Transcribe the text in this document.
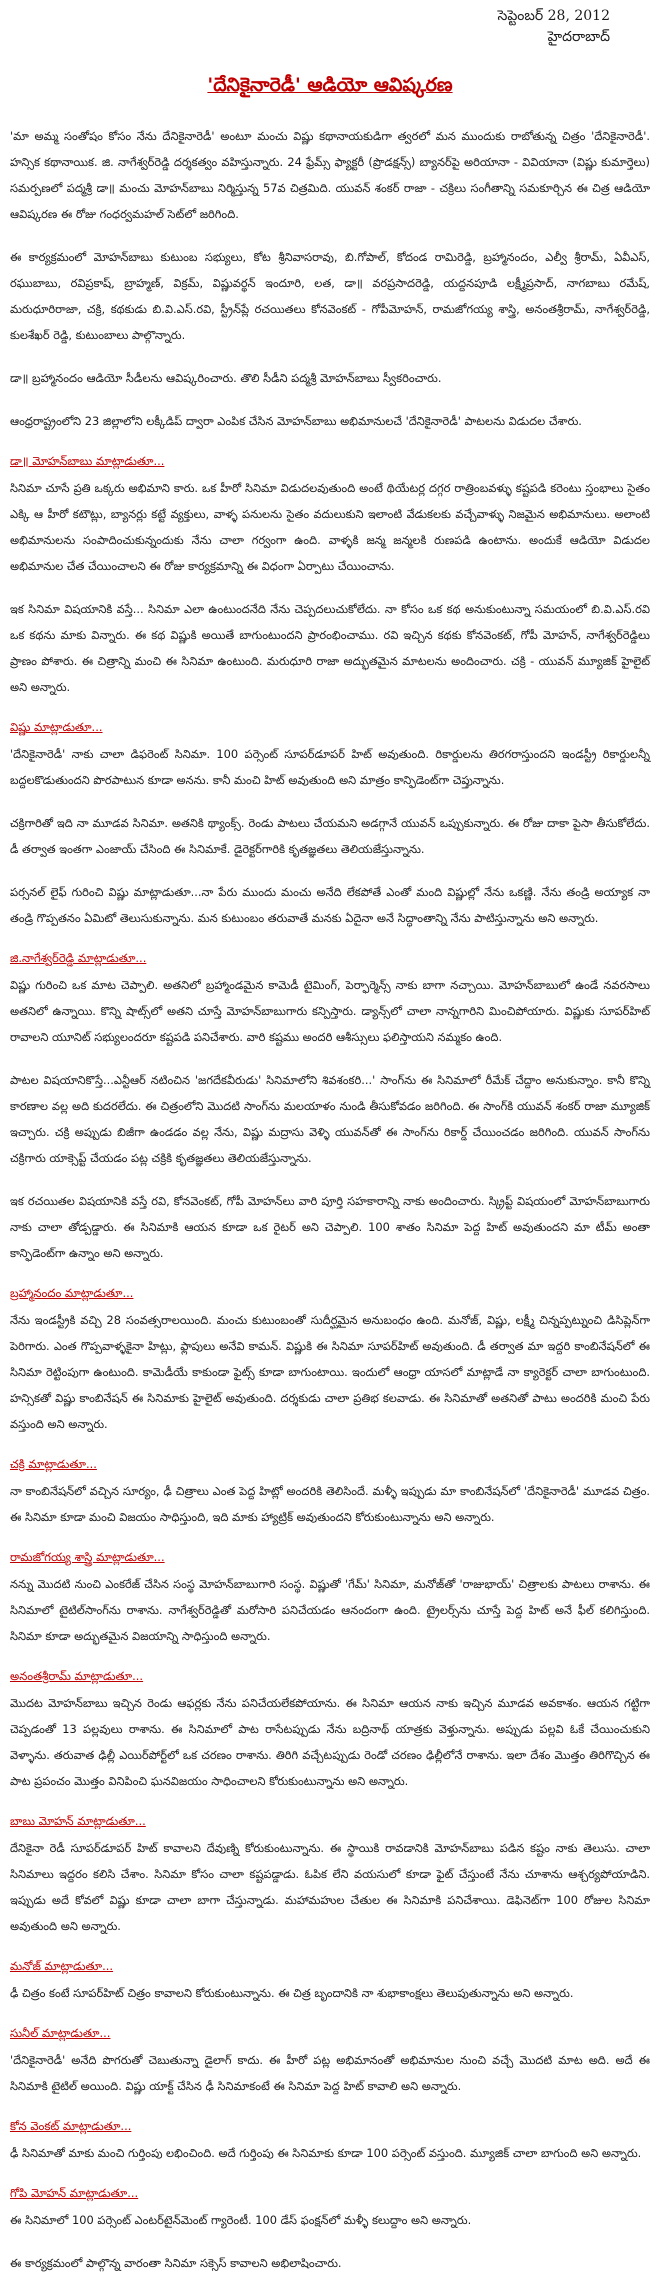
సెప్టెంబర్ 28, 2012
హైదరాబాద్
'దేనికైనారెడీ' ఆడియో ఆవిష్కరణ

'మా అమ్మ సంతోషం కోసం నేను దేనికైనారెడీ' అంటూ మంచు విష్ణు కథానాయకుడిగా త్వరలో మన ముందుకు రాబోతున్న చిత్రం 'దేనికైనారెడీ'. హన్సిక కథానాయిక. జి. నాగేశ్వర్‌రెడ్డి దర్శకత్వం వహిస్తున్నారు. 24 ఫ్రేమ్స్ ఫ్యాక్టరీ (ప్రొడక్షన్స్) బ్యానర్‌పై అరియానా - వివియానా (విష్ణు కుమార్తెలు) సమర్పణలో పద్మశ్రీ డా॥ మంచు మోహన్‌బాబు నిర్మిస్తున్న 57వ చిత్రమిది. యువన్ శంకర్ రాజా - చక్రిలు సంగీతాన్ని సమకూర్చిన ఈ చిత్ర ఆడియో ఆవిష్కరణ ఈ రోజు గంధర్వమహల్ సెట్‌లో జరిగింది.

ఈ కార్యక్రమంలో మోహన్‌బాబు కుటుంబ సభ్యులు, కోట శ్రీనివాసరావు, బి.గోపాల్, కోదండ రామిరెడ్డి, బ్రహ్మానందం, ఎల్వీ శ్రీరామ్, ఏవీఎస్, రఘుబాబు, రవిప్రకాష్, బ్రాహ్మణ్, విక్రమ్, విష్ణువర్థన్ ఇందూరి, లత, డా॥ వరప్రసాదరెడ్డి, యద్దనపూడి లక్ష్మీప్రసాద్, నాగబాబు రమేష్, మరుధూరిరాజా, చక్రి, కథకుడు బి.వి.ఎస్.రవి, స్ట్రీన్‌ప్లే రచయితలు కోనవెంకట్ - గోపీమోహన్, రామజోగయ్య శాస్త్రి, అనంతశ్రీరామ్, నాగేశ్వర్‌రెడ్డి, కులశేఖర్ రెడ్డి, కుటుంబాలు పాల్గొన్నారు.

డా॥ బ్రహ్మానందం ఆడియో సీడీలను ఆవిష్కరించారు. తొలి సీడీని పద్మశ్రీ మోహన్‌బాబు స్వీకరించారు.

ఆంధ్రరాష్ట్రంలోని 23 జిల్లాలోని లక్కీడిప్ ద్వారా ఎంపిక చేసిన మోహన్‌బాబు అభిమానులచే 'దేనికైనారెడీ' పాటలను విడుదల చేశారు.

డా॥ మోహన్‌బాబు మాట్లాడుతూ...

సినిమా చూసే ప్రతి ఒక్కరు అభిమాని కారు. ఒక హీరో సినిమా విడుదలవుతుంది అంటే థియేటర్ల దగ్గర రాత్రింబవళ్ళు కష్టపడి కరెంటు స్తంభాలు సైతం ఎక్కి ఆ హీరో కటౌట్లు, బ్యానర్లు కట్టే వ్యక్తులు, వాళ్ళ పనులను సైతం వదులుకుని ఇలాంటి వేడుకలకు వచ్చేవాళ్ళు నిజమైన అభిమానులు. అలాంటి అభిమానులను సంపాదించుకున్నందుకు నేను చాలా గర్వంగా ఉంది. వాళ్ళకి జన్మ జన్మలకి రుణపడి ఉంటాను. అందుకే ఆడియో విడుదల అభిమానుల చేత చేయించాలని ఈ రోజు కార్యక్రమాన్ని ఈ విధంగా ఏర్పాటు చేయించాను.

ఇక సినిమా విషయానికి వస్తే... సినిమా ఎలా ఉంటుందనేది నేను చెప్పదలుచుకోలేదు. నా కోసం ఒక కథ అనుకుంటున్నా సమయంలో బి.వి.ఎస్.రవి ఒక కథను మాకు విన్నారు. ఈ కథ విష్ణుకి అయితే బాగుంటుందని ప్రారంభించాము. రవి ఇచ్చిన కథకు కోనవెంకట్, గోపీ మోహన్, నాగేశ్వర్‌రెడ్డిలు ప్రాణం పోశారు. ఈ చిత్రాన్ని మంచి ఈ సినిమా ఉంటుంది. మరుధూరి రాజా అద్భుతమైన మాటలను అందించారు. చక్రి - యువన్ మ్యూజిక్ హైలైట్ అని అన్నారు.

విష్ణు మాట్లాడుతూ...

'దేనికైనారెడీ' నాకు చాలా డిఫరెంట్ సినిమా. 100 పర్సెంట్ సూపర్‌డూపర్ హిట్ అవుతుంది. రికార్డులను తిరగరాస్తుందని ఇండస్ట్రీ రికార్డులన్నీ బద్దలకొడుతుందని పొరపాటున కూడా అనను. కానీ మంచి హిట్ అవుతుంది అని మాత్రం కాన్ఫిడెంట్‌గా చెప్తున్నాను.

చక్రిగారితో ఇది నా మూడవ సినిమా. అతనికి థ్యాంక్స్. రెండు పాటలు చేయమని అడగ్గానే యువన్ ఒప్పుకున్నారు. ఈ రోజు దాకా పైసా తీసుకోలేదు. డీ తర్వాత ఇంతగా ఎంజాయ్ చేసింది ఈ సినిమాకే. డైరెక్టర్‌గారికి కృతజ్ఞతలు తెలియజేస్తున్నాను.

పర్సనల్ లైఫ్ గురించి విష్ణు మాట్లాడుతూ...నా పేరు ముందు మంచు అనేది లేకపోతే ఎంతో మంది విష్ణుల్లో నేను ఒకణ్ణి. నేను తండ్రి అయ్యాక నా తండ్రి గొప్పతనం ఏమిటో తెలుసుకున్నాను. మన కుటుంబం తరువాతే మనకు ఏదైనా అనే సిద్ధాంతాన్ని నేను పాటిస్తున్నాను అని అన్నారు.

జి.నాగేశ్వర్‌రెడ్డి మాట్లాడుతూ...

విష్ణు గురించి ఒక మాట చెప్పాలి. అతనిలో బ్రహ్మాండమైన కామెడీ టైమింగ్, పెర్ఫార్మెన్స్ నాకు బాగా నచ్చాయి. మోహన్‌బాబులో ఉండే నవరసాలు అతనిలో ఉన్నాయి. కొన్ని షాట్స్‌లో అతని చూస్తే మోహన్‌బాబుగారు కన్పిస్తారు. డ్యాన్స్‌లో చాలా నాన్నగారిని మించిపోయారు. విష్ణుకు సూపర్‌హిట్ రావాలని యూనిట్ సభ్యులందరూ కష్టపడి పనిచేశారు. వారి కష్టము అందరి ఆశీస్సులు ఫలిస్తాయని నమ్మకం ఉంది.

పాటల విషయానికొస్తే...ఎన్టీఆర్ నటించిన 'జగదేకవీరుడు' సినిమాలోని శివశంకరి...' సాంగ్‌ను ఈ సినిమాలో రీమేక్ చేద్దాం అనుకున్నాం. కానీ కొన్ని కారణాల వల్ల అది కుదరలేదు. ఈ చిత్రంలోని మొదటి సాంగ్‌ను మలయాళం నుండి తీసుకోవడం జరిగింది. ఈ సాంగ్‌కి యువన్ శంకర్ రాజా మ్యూజిక్ ఇచ్చారు. చక్రి అప్పుడు బిజీగా ఉండడం వల్ల నేను, విష్ణు మద్రాసు వెళ్ళి యువన్‌తో ఈ సాంగ్‌ను రికార్డ్ చేయించడం జరిగింది. యువన్ సాంగ్‌ను చక్రిగారు యాక్సెప్ట్ చేయడం పట్ల చక్రికి కృతజ్ఞతలు తెలియజేస్తున్నాను.

ఇక రచయితల విషయానికి వస్తే రవి, కోనవెంకట్, గోపీ మోహన్‌లు వారి పూర్తి సహకారాన్ని నాకు అందించారు. స్క్రిప్ట్ విషయంలో మోహన్‌బాబుగారు నాకు చాలా తోడ్పడ్డారు. ఈ సినిమాకి ఆయన కూడా ఒక రైటర్ అని చెప్పాలి. 100 శాతం సినిమా పెద్ద హిట్ అవుతుందని మా టీమ్ అంతా కాన్ఫిడెంట్‌గా ఉన్నాం అని అన్నారు.

బ్రహ్మానందం మాట్లాడుతూ...

నేను ఇండస్ట్రీకి వచ్చి 28 సంవత్సరాలయింది. మంచు కుటుంబంతో సుదీర్ఘమైన అనుబంధం ఉంది. మనోజ్, విష్ణు, లక్ష్మీ చిన్నప్పట్నుంచి డిసిప్లెన్‌గా పెరిగారు. ఎంత గొప్పవాళ్ళకైనా హిట్లు, ఫ్లాపులు అనేవి కామన్. విష్ణుకి ఈ సినిమా సూపర్‌హిట్ అవుతుంది. డీ తర్వాత మా ఇద్దరి కాంబినేషన్‌లో ఈ సినిమా రెట్టింపుగా ఉంటుంది. కామెడీయే కాకుండా ఫైట్స్ కూడా బాగుంటాయి. ఇందులో ఆంధ్రా యాసలో మాట్లాడే నా క్యారెక్టర్ చాలా బాగుంటుంది. హన్సికతో విష్ణు కాంబినేషన్ ఈ సినిమాకు హైలైట్ అవుతుంది. దర్శకుడు చాలా ప్రతిభ కలవాడు. ఈ సినిమాతో అతనితో పాటు అందరికి మంచి పేరు వస్తుంది అని అన్నారు.

చక్రి మాట్లాడుతూ...

నా కాంబినేషన్‌లో వచ్చిన సూర్యం, ఢీ చిత్రాలు ఎంత పెద్ద హిట్లో అందరికి తెలిసిందే. మళ్ళీ ఇప్పుడు మా కాంబినేషన్‌లో 'దేనికైనారెడీ' మూడవ చిత్రం. ఈ సినిమా కూడా మంచి విజయం సాధిస్తుంది, ఇది మాకు హ్యాట్రిక్ అవుతుందని కోరుకుంటున్నాను అని అన్నారు.

రామజోగయ్య శాస్త్రి మాట్లాడుతూ...

నన్ను మొదటి నుంచి ఎంకరేజ్ చేసిన సంస్థ మోహన్‌బాబుగారి సంస్థ. విష్ణుతో 'గేమ్' సినిమా, మనోజ్‌తో 'రాజుభాయ్' చిత్రాలకు పాటలు రాశాను. ఈ సినిమాలో టైటిల్‌సాంగ్‌ను రాశాను. నాగేశ్వర్‌రెడ్డితో మరోసారి పనిచేయడం ఆనందంగా ఉంది. ట్రైలర్స్‌ను చూస్తే పెద్ద హిట్ అనే ఫీల్ కలిగిస్తుంది. సినిమా కూడా అద్భుతమైన విజయాన్ని సాధిస్తుంది అన్నారు.

అనంతశ్రీరామ్ మాట్లాడుతూ...

మొదట మోహన్‌బాబు ఇచ్చిన రెండు ఆఫర్లకు నేను పనిచేయలేకపోయాను. ఈ సినిమా ఆయన నాకు ఇచ్చిన మూడవ అవకాశం. ఆయన గట్టిగా చెప్పడంతో 13 పల్లవులు రాశాను. ఈ సినిమాలో పాట రాసేటప్పుడు నేను బద్రినాథ్ యాత్రకు వెళ్తున్నాను. అప్పుడు పల్లవి ఓకే చేయించుకుని వెళ్ళాను. తరువాత ఢిల్లీ ఎయిర్‌పోర్ట్‌లో ఒక చరణం రాశాను. తిరిగి వచ్చేటప్పుడు రెండో చరణం ఢిల్లీలోనే రాశాను. ఇలా దేశం మొత్తం తిరిగొచ్చిన ఈ పాట ప్రపంచం మొత్తం వినిపించి ఘనవిజయం సాధించాలని కోరుకుంటున్నాను అని అన్నారు.

బాబు మోహన్ మాట్లాడుతూ...

దేనికైనా రెడీ సూపర్‌డూపర్ హిట్ కావాలని దేవుణ్ని కోరుకుంటున్నాను. ఈ స్థాయికి రావడానికి మోహన్‌బాబు పడిన కష్టం నాకు తెలుసు. చాలా సినిమాలు ఇద్దరం కలిసి చేశాం. సినిమా కోసం చాలా కష్టపడ్డాడు. ఓపిక లేని వయసులో కూడా ఫైట్ చేస్తుంటే నేను చూశాను ఆశ్చర్యపోయాడిని. ఇప్పుడు అదే కోవలో విష్ణు కూడా చాలా బాగా చేస్తున్నాడు. మహామహుల చేతుల ఈ సినిమాకి పనిచేశాయి. డెఫినెట్‌గా 100 రోజుల సినిమా అవుతుంది అని అన్నారు.

మనోజ్ మాట్లాడుతూ...

ఢీ చిత్రం కంటే సూపర్‌హిట్ చిత్రం కావాలని కోరుకుంటున్నాను. ఈ చిత్ర బృందానికి నా శుభాకాంక్షలు తెలుపుతున్నాను అని అన్నారు.

సునీల్ మాట్లాడుతూ...

'దేనికైనారెడీ' అనేది పొగరుతో చెబుతున్నా డైలాగ్ కాదు. ఈ హీరో పట్ల అభిమానంతో అభిమానుల నుంచి వచ్చే మొదటి మాట అది. అదే ఈ సినిమాకి టైటిల్ అయింది. విష్ణు యాక్ట్ చేసిన ఢీ సినిమాకంటే ఈ సినిమా పెద్ద హిట్ కావాలి అని అన్నారు.

కోన వెంకట్ మాట్లాడుతూ...

ఢీ సినిమాతో మాకు మంచి గుర్తింపు లభించింది. అదే గుర్తింపు ఈ సినిమాకు కూడా 100 పర్సెంట్ వస్తుంది. మ్యూజిక్ చాలా బాగుంది అని అన్నారు.

గోపి మోహన్ మాట్లాడుతూ...

ఈ సినిమాలో 100 పర్సెంట్ ఎంటర్‌టైన్‌మెంట్ గ్యారెంటీ. 100 డేస్ ఫంక్షన్‌లో మళ్ళీ కలుద్దాం అని అన్నారు.

ఈ కార్యక్రమంలో పాల్గొన్న వారంతా సినిమా సక్సెస్ కావాలని అభిలాషించారు.
